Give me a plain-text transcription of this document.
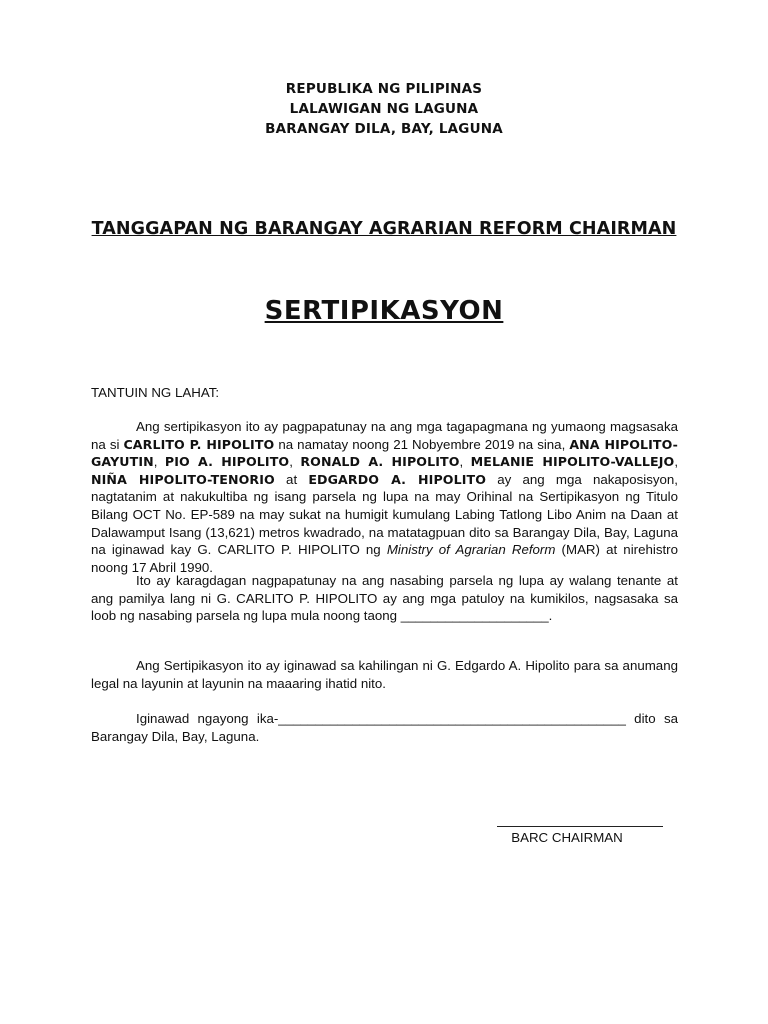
REPUBLIKA NG PILIPINAS
LALAWIGAN NG LAGUNA
BARANGAY DILA, BAY, LAGUNA
TANGGAPAN NG BARANGAY AGRARIAN REFORM CHAIRMAN
SERTIPIKASYON

TANTUIN NG LAHAT:

Ang sertipikasyon ito ay pagpapatunay na ang mga tagapagmana ng yumaong magsasaka na si CARLITO P. HIPOLITO na namatay noong 21 Nobyembre 2019 na sina, ANA HIPOLITO-GAYUTIN, PIO A. HIPOLITO, RONALD A. HIPOLITO, MELANIE HIPOLITO-VALLEJO, NIÑA HIPOLITO-TENORIO at EDGARDO A. HIPOLITO ay ang mga nakaposisyon, nagtatanim at nakukultiba ng isang parsela ng lupa na may Orihinal na Sertipikasyon ng Titulo Bilang OCT No. EP-589 na may sukat na humigit kumulang Labing Tatlong Libo Anim na Daan at Dalawamput Isang (13,621) metros kwadrado, na matatagpuan dito sa Barangay Dila, Bay, Laguna na iginawad kay G. CARLITO P. HIPOLITO ng Ministry of Agrarian Reform (MAR) at nirehistro noong 17 Abril 1990.

Ito ay karagdagan nagpapatunay na ang nasabing parsela ng lupa ay walang tenante at ang pamilya lang ni G. CARLITO P. HIPOLITO ay ang mga patuloy na kumikilos, nagsasaka sa loob ng nasabing parsela ng lupa mula noong taong ____________________.

Ang Sertipikasyon ito ay iginawad sa kahilingan ni G. Edgardo A. Hipolito para sa anumang legal na layunin at layunin na maaaring ihatid nito.

Iginawad ngayong ika-_______________________________________________ dito sa Barangay Dila, Bay, Laguna.

BARC CHAIRMAN
